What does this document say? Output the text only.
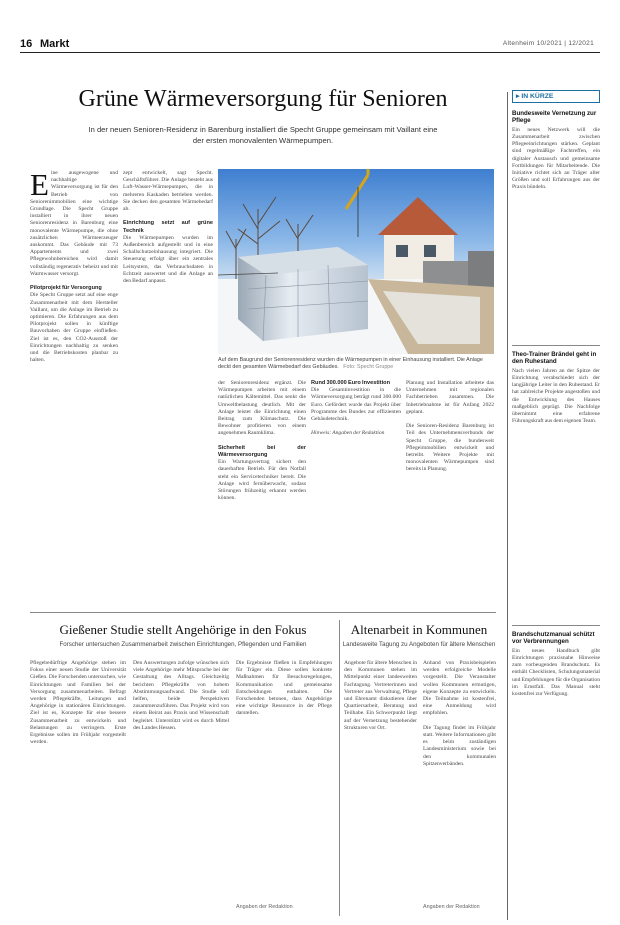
16 Markt	Altenheim 10/2021 | 12/2021
Grüne Wärmeversorgung für Senioren
In der neuen Senioren-Residenz in Barenburg installiert die Specht Gruppe gemeinsam mit Vaillant eine der ersten monovalenten Wärmepumpen.
Eine ausgewogene und nachhaltige Wärmeversorgung ist für den Betrieb von Seniorenimmobilien eine wichtige Grundlage. Die Specht Gruppe installiert in ihrer neuen Seniorenresidenz in Barenburg eine monovalente Wärmepumpe, die ohne zusätzlichen Wärmeerzeuger auskommt. Das Gebäude mit 73 Appartements und zwei Pflegewohnbereichen wird damit vollständig regenerativ beheizt und mit Warmwasser versorgt.

Pilotprojekt für Versorgung
Die Specht Gruppe setzt auf eine enge Zusammenarbeit mit dem Hersteller Vaillant, um die Anlage im Betrieb zu optimieren. Die Erfahrungen aus dem Pilotprojekt sollen in künftige Bauvorhaben der Gruppe einfließen. Ziel ist es, den CO2-Ausstoß der Einrichtungen nachhaltig zu senken und die Betriebskosten planbar zu halten.
zept entwickelt, sagt Specht. Geschäftsführer. Die Anlage besteht aus Luft-Wasser-Wärmepumpen, die in mehreren Kaskaden betrieben werden. Sie decken den gesamten Wärmebedarf ab.

Einrichtung setzt auf grüne Technik
Die Wärmepumpen wurden im Außenbereich aufgestellt und in eine Schallschutzeinhausung integriert. Die Steuerung erfolgt über ein zentrales Leitsystem, das Verbrauchsdaten in Echtzeit auswertet und die Anlage an den Bedarf anpasst.
Auf dem Baugrund der Seniorenresidenz wurden die Wärmepumpen in einer Einhausung installiert. Die Anlage deckt den gesamten Wärmebedarf des Gebäudes. Foto: Specht Gruppe
der Seniorenresidenz ergänzt. Die Wärmepumpen arbeiten mit einem natürlichen Kältemittel. Das senkt die Umweltbelastung deutlich. Mit der Anlage leistet die Einrichtung einen Beitrag zum Klimaschutz. Die Bewohner profitieren von einem angenehmen Raumklima.

Sicherheit bei der Wärmeversorgung
Ein Wartungsvertrag sichert den dauerhaften Betrieb. Für den Notfall steht ein Servicetechniker bereit. Die Anlage wird fernüberwacht, sodass Störungen frühzeitig erkannt werden können.
Rund 300.000 Euro Investition
Die Gesamtinvestition in die Wärmeversorgung beträgt rund 300.000 Euro. Gefördert wurde das Projekt über Programme des Bundes zur effizienten Gebäudetechnik.

Hinweis: Angaben der Redaktion
Planung und Installation arbeitete das Unternehmen mit regionalen Fachbetrieben zusammen. Die Inbetriebnahme ist für Anfang 2022 geplant.

Die Senioren-Residenz Barenburg ist Teil des Unternehmensverbunds der Specht Gruppe, die bundesweit Pflegeimmobilien entwickelt und betreibt. Weitere Projekte mit monovalenten Wärmepumpen sind bereits in Planung.
Gießener Studie stellt Angehörige in den Fokus
Forscher untersuchen Zusammenarbeit zwischen Einrichtungen, Pflegenden und Familien
Pflegebedürftige Angehörige stehen im Fokus einer neuen Studie der Universität Gießen. Die Forschenden untersuchen, wie Einrichtungen und Familien bei der Versorgung zusammenarbeiten. Befragt werden Pflegekräfte, Leitungen und Angehörige in stationären Einrichtungen. Ziel ist es, Konzepte für eine bessere Zusammenarbeit zu entwickeln und Belastungen zu verringern. Erste Ergebnisse sollen im Frühjahr vorgestellt werden.
Den Auswertungen zufolge wünschen sich viele Angehörige mehr Mitsprache bei der Gestaltung des Alltags. Gleichzeitig berichten Pflegekräfte von hohem Abstimmungsaufwand. Die Studie soll helfen, beide Perspektiven zusammenzuführen. Das Projekt wird von einem Beirat aus Praxis und Wissenschaft begleitet. Unterstützt wird es durch Mittel des Landes Hessen.
Die Ergebnisse fließen in Empfehlungen für Träger ein. Diese sollen konkrete Maßnahmen für Besuchsregelungen, Kommunikation und gemeinsame Entscheidungen enthalten. Die Forschenden betonen, dass Angehörige eine wichtige Ressource in der Pflege darstellen.
Angaben der Redaktion
Altenarbeit in Kommunen
Landesweite Tagung zu Angeboten für ältere Menschen
Angebote für ältere Menschen in den Kommunen stehen im Mittelpunkt einer landesweiten Fachtagung. Vertreterinnen und Vertreter aus Verwaltung, Pflege und Ehrenamt diskutieren über Quartiersarbeit, Beratung und Teilhabe. Ein Schwerpunkt liegt auf der Vernetzung bestehender Strukturen vor Ort.
Anhand von Praxisbeispielen werden erfolgreiche Modelle vorgestellt. Die Veranstalter wollen Kommunen ermutigen, eigene Konzepte zu entwickeln. Die Teilnahme ist kostenfrei, eine Anmeldung wird empfohlen.

Die Tagung findet im Frühjahr statt. Weitere Informationen gibt es beim zuständigen Landesministerium sowie bei den kommunalen Spitzenverbänden.
Angaben der Redaktion
▸ IN KÜRZE
Bundesweite Vernetzung zur Pflege
Ein neues Netzwerk will die Zusammenarbeit zwischen Pflegeeinrichtungen stärken. Geplant sind regelmäßige Fachtreffen, ein digitaler Austausch und gemeinsame Fortbildungen für Mitarbeitende. Die Initiative richtet sich an Träger aller Größen und soll Erfahrungen aus der Praxis bündeln.
Theo-Trainer Brändel geht in den Ruhestand
Nach vielen Jahren an der Spitze der Einrichtung verabschiedet sich der langjährige Leiter in den Ruhestand. Er hat zahlreiche Projekte angestoßen und die Entwicklung des Hauses maßgeblich geprägt. Die Nachfolge übernimmt eine erfahrene Führungskraft aus dem eigenen Team.
Brandschutzmanual schützt vor Verbrennungen
Ein neues Handbuch gibt Einrichtungen praxisnahe Hinweise zum vorbeugenden Brandschutz. Es enthält Checklisten, Schulungsmaterial und Empfehlungen für die Organisation im Ernstfall. Das Manual steht kostenfrei zur Verfügung.
